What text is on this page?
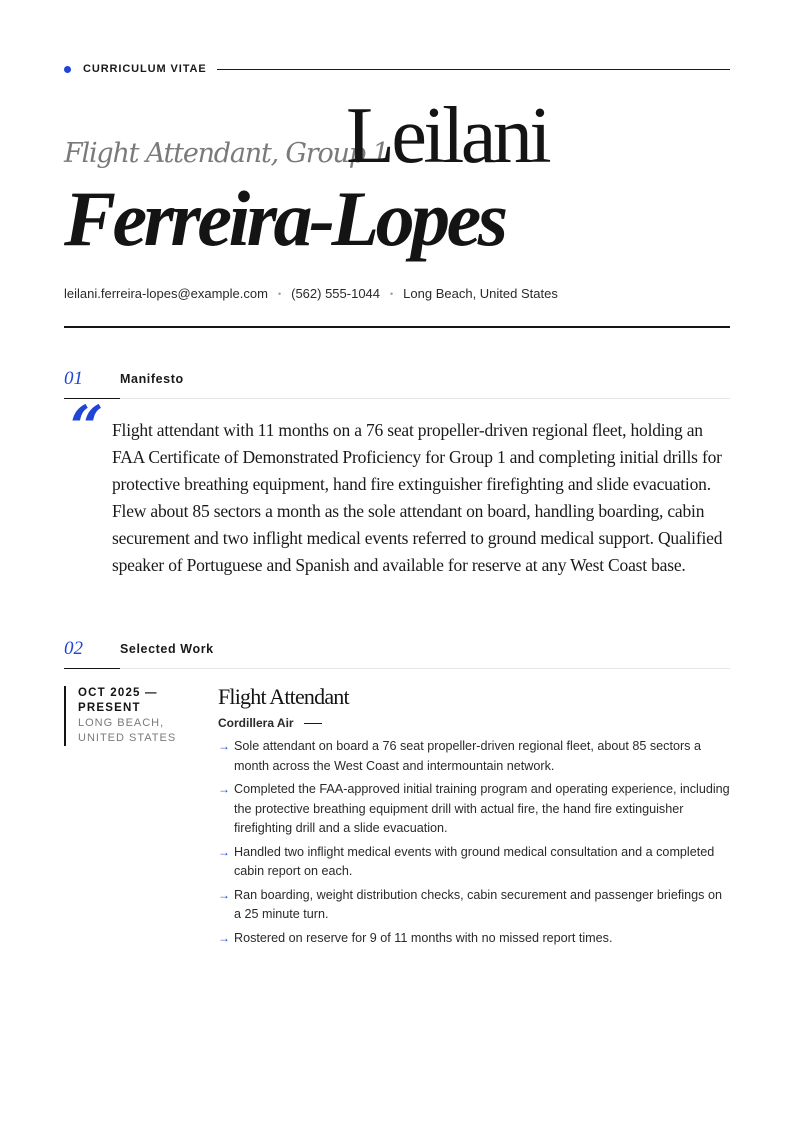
CURRICULUM VITAE
Flight Attendant, Group 1
Leilani
Ferreira-Lopes
leilani.ferreira-lopes@example.com • (562) 555-1044 • Long Beach, United States
01	Manifesto
“ Flight attendant with 11 months on a 76 seat propeller-driven regional fleet, holding an FAA Certificate of Demonstrated Proficiency for Group 1 and completing initial drills for protective breathing equipment, hand fire extinguisher firefighting and slide evacuation. Flew about 85 sectors a month as the sole attendant on board, handling boarding, cabin securement and two inflight medical events referred to ground medical support. Qualified speaker of Portuguese and Spanish and available for reserve at any West Coast base.

02	Selected Work
OCT 2025 — PRESENT
LONG BEACH, UNITED STATES
Flight Attendant
Cordillera Air
→ Sole attendant on board a 76 seat propeller-driven regional fleet, about 85 sectors a month across the West Coast and intermountain network.
→ Completed the FAA-approved initial training program and operating experience, including the protective breathing equipment drill with actual fire, the hand fire extinguisher firefighting drill and a slide evacuation.
→ Handled two inflight medical events with ground medical consultation and a completed cabin report on each.
→ Ran boarding, weight distribution checks, cabin securement and passenger briefings on a 25 minute turn.
→ Rostered on reserve for 9 of 11 months with no missed report times.
